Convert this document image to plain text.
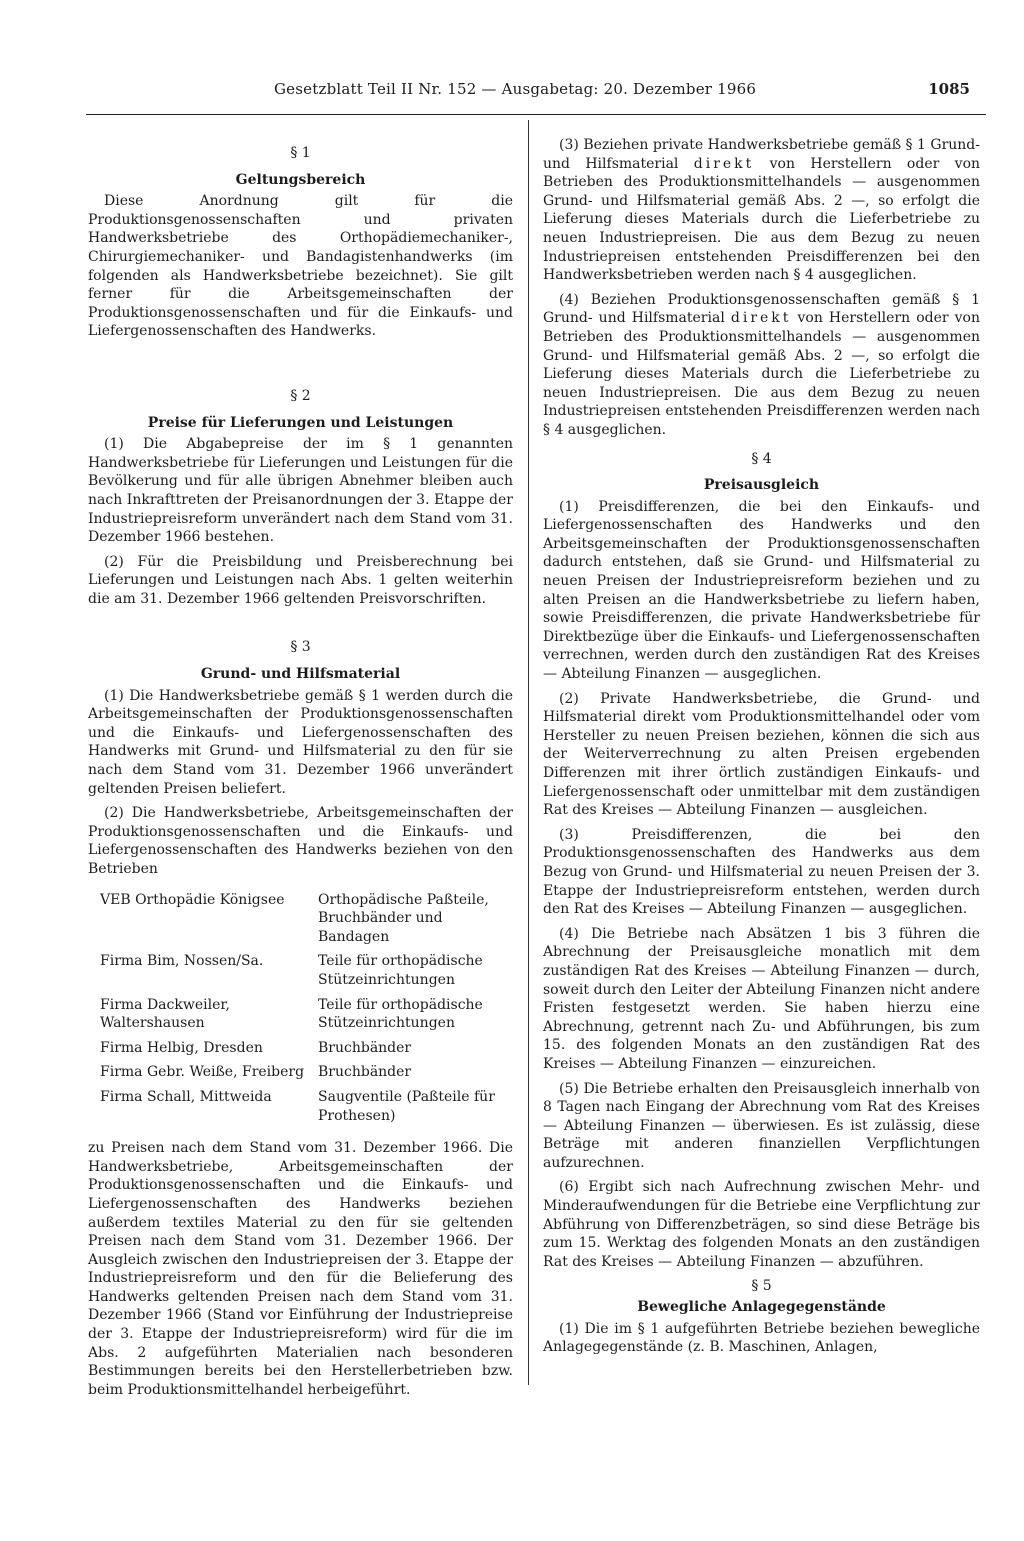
Gesetzblatt Teil II Nr. 152 — Ausgabetag: 20. Dezember 1966	1085
§ 1
Geltungsbereich

Diese Anordnung gilt für die Produktionsgenossenschaften und privaten Handwerksbetriebe des Orthopädiemechaniker-, Chirurgiemechaniker- und Bandagistenhandwerks (im folgenden als Handwerksbetriebe bezeichnet). Sie gilt ferner für die Arbeitsgemeinschaften der Produktionsgenossenschaften und für die Einkaufs- und Liefergenossenschaften des Handwerks.

§ 2
Preise für Lieferungen und Leistungen

(1) Die Abgabepreise der im § 1 genannten Handwerksbetriebe für Lieferungen und Leistungen für die Bevölkerung und für alle übrigen Abnehmer bleiben auch nach Inkrafttreten der Preisanordnungen der 3. Etappe der Industriepreisreform unverändert nach dem Stand vom 31. Dezember 1966 bestehen.

(2) Für die Preisbildung und Preisberechnung bei Lieferungen und Leistungen nach Abs. 1 gelten weiterhin die am 31. Dezember 1966 geltenden Preisvorschriften.

§ 3
Grund- und Hilfsmaterial

(1) Die Handwerksbetriebe gemäß § 1 werden durch die Arbeitsgemeinschaften der Produktionsgenossenschaften und die Einkaufs- und Liefergenossenschaften des Handwerks mit Grund- und Hilfsmaterial zu den für sie nach dem Stand vom 31. Dezember 1966 unverändert geltenden Preisen beliefert.

(2) Die Handwerksbetriebe, Arbeitsgemeinschaften der Produktionsgenossenschaften und die Einkaufs- und Liefergenossenschaften des Handwerks beziehen von den Betrieben

VEB Orthopädie Königsee	Orthopädische Paßteile, Bruchbänder und Bandagen
Firma Bim, Nossen/Sa.	Teile für orthopädische Stützeinrichtungen
Firma Dackweiler, Waltershausen	Teile für orthopädische Stützeinrichtungen
Firma Helbig, Dresden	Bruchbänder
Firma Gebr. Weiße, Freiberg	Bruchbänder
Firma Schall, Mittweida	Saugventile (Paßteile für Prothesen)

zu Preisen nach dem Stand vom 31. Dezember 1966. Die Handwerksbetriebe, Arbeitsgemeinschaften der Produktionsgenossenschaften und die Einkaufs- und Liefergenossenschaften des Handwerks beziehen außerdem textiles Material zu den für sie geltenden Preisen nach dem Stand vom 31. Dezember 1966. Der Ausgleich zwischen den Industriepreisen der 3. Etappe der Industriepreisreform und den für die Belieferung des Handwerks geltenden Preisen nach dem Stand vom 31. Dezember 1966 (Stand vor Einführung der Industriepreise der 3. Etappe der Industriepreisreform) wird für die im Abs. 2 aufgeführten Materialien nach besonderen Bestimmungen bereits bei den Herstellerbetrieben bzw. beim Produktionsmittelhandel herbeigeführt.

(3) Beziehen private Handwerksbetriebe gemäß § 1 Grund- und Hilfsmaterial direkt von Herstellern oder von Betrieben des Produktionsmittelhandels — ausgenommen Grund- und Hilfsmaterial gemäß Abs. 2 —, so erfolgt die Lieferung dieses Materials durch die Lieferbetriebe zu neuen Industriepreisen. Die aus dem Bezug zu neuen Industriepreisen entstehenden Preisdifferenzen bei den Handwerksbetrieben werden nach § 4 ausgeglichen.

(4) Beziehen Produktionsgenossenschaften gemäß § 1 Grund- und Hilfsmaterial direkt von Herstellern oder von Betrieben des Produktionsmittelhandels — ausgenommen Grund- und Hilfsmaterial gemäß Abs. 2 —, so erfolgt die Lieferung dieses Materials durch die Lieferbetriebe zu neuen Industriepreisen. Die aus dem Bezug zu neuen Industriepreisen entstehenden Preisdifferenzen werden nach § 4 ausgeglichen.

§ 4
Preisausgleich

(1) Preisdifferenzen, die bei den Einkaufs- und Liefergenossenschaften des Handwerks und den Arbeitsgemeinschaften der Produktionsgenossenschaften dadurch entstehen, daß sie Grund- und Hilfsmaterial zu neuen Preisen der Industriepreisreform beziehen und zu alten Preisen an die Handwerksbetriebe zu liefern haben, sowie Preisdifferenzen, die private Handwerksbetriebe für Direktbezüge über die Einkaufs- und Liefergenossenschaften verrechnen, werden durch den zuständigen Rat des Kreises — Abteilung Finanzen — ausgeglichen.

(2) Private Handwerksbetriebe, die Grund- und Hilfsmaterial direkt vom Produktionsmittelhandel oder vom Hersteller zu neuen Preisen beziehen, können die sich aus der Weiterverrechnung zu alten Preisen ergebenden Differenzen mit ihrer örtlich zuständigen Einkaufs- und Liefergenossenschaft oder unmittelbar mit dem zuständigen Rat des Kreises — Abteilung Finanzen — ausgleichen.

(3) Preisdifferenzen, die bei den Produktionsgenossenschaften des Handwerks aus dem Bezug von Grund- und Hilfsmaterial zu neuen Preisen der 3. Etappe der Industriepreisreform entstehen, werden durch den Rat des Kreises — Abteilung Finanzen — ausgeglichen.

(4) Die Betriebe nach Absätzen 1 bis 3 führen die Abrechnung der Preisausgleiche monatlich mit dem zuständigen Rat des Kreises — Abteilung Finanzen — durch, soweit durch den Leiter der Abteilung Finanzen nicht andere Fristen festgesetzt werden. Sie haben hierzu eine Abrechnung, getrennt nach Zu- und Abführungen, bis zum 15. des folgenden Monats an den zuständigen Rat des Kreises — Abteilung Finanzen — einzureichen.

(5) Die Betriebe erhalten den Preisausgleich innerhalb von 8 Tagen nach Eingang der Abrechnung vom Rat des Kreises — Abteilung Finanzen — überwiesen. Es ist zulässig, diese Beträge mit anderen finanziellen Verpflichtungen aufzurechnen.

(6) Ergibt sich nach Aufrechnung zwischen Mehr- und Minderaufwendungen für die Betriebe eine Verpflichtung zur Abführung von Differenzbeträgen, so sind diese Beträge bis zum 15. Werktag des folgenden Monats an den zuständigen Rat des Kreises — Abteilung Finanzen — abzuführen.

§ 5
Bewegliche Anlagegegenstände

(1) Die im § 1 aufgeführten Betriebe beziehen bewegliche Anlagegegenstände (z. B. Maschinen, Anlagen,
